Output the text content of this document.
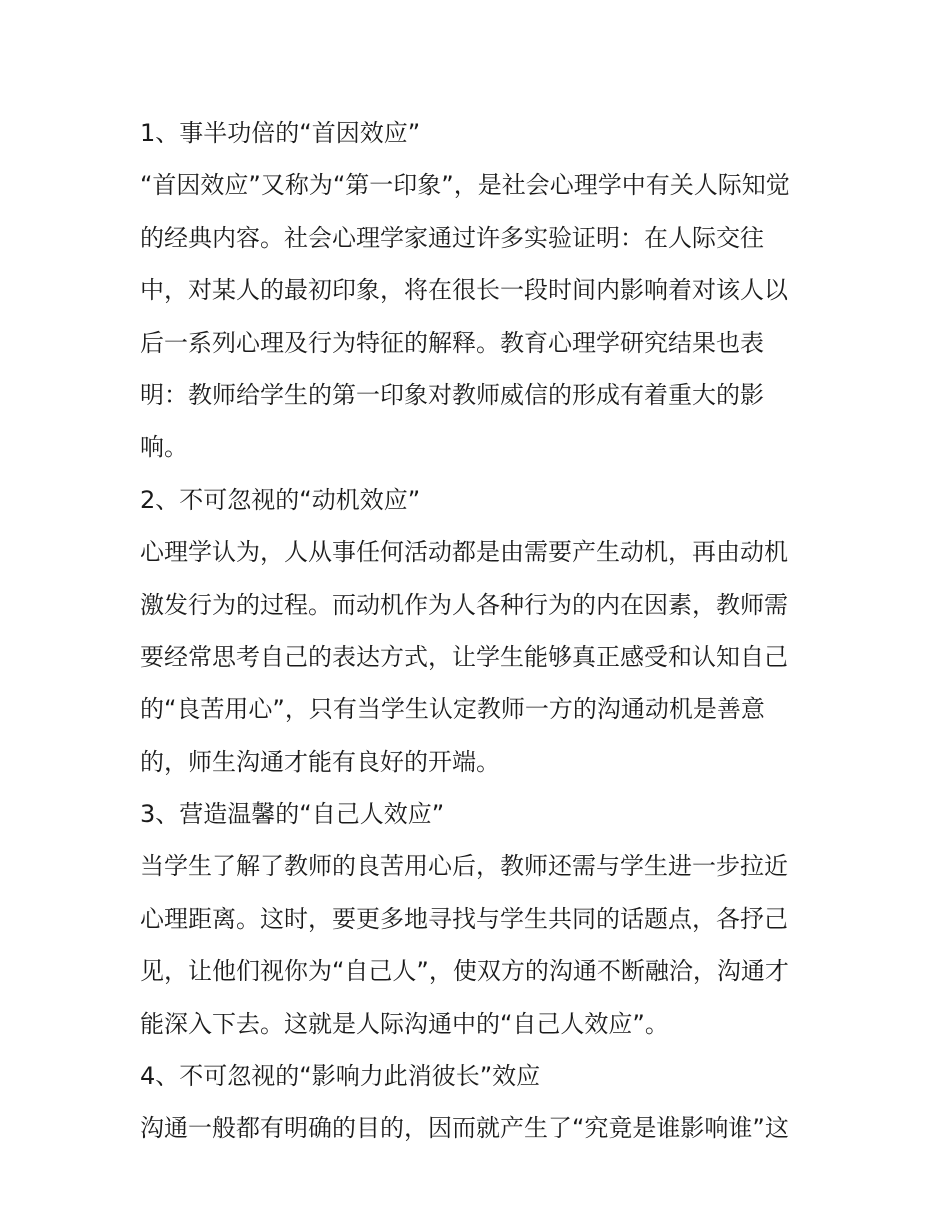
1、事半功倍的“首因效应”
“首因效应”又称为“第一印象”，是社会心理学中有关人际知觉
的经典内容。社会心理学家通过许多实验证明：在人际交往
中，对某人的最初印象，将在很长一段时间内影响着对该人以
后一系列心理及行为特征的解释。教育心理学研究结果也表
明：教师给学生的第一印象对教师威信的形成有着重大的影
响。
2、不可忽视的“动机效应”
心理学认为，人从事任何活动都是由需要产生动机，再由动机
激发行为的过程。而动机作为人各种行为的内在因素，教师需
要经常思考自己的表达方式，让学生能够真正感受和认知自己
的“良苦用心”，只有当学生认定教师一方的沟通动机是善意
的，师生沟通才能有良好的开端。
3、营造温馨的“自己人效应”
当学生了解了教师的良苦用心后，教师还需与学生进一步拉近
心理距离。这时，要更多地寻找与学生共同的话题点，各抒己
见，让他们视你为“自己人”，使双方的沟通不断融洽，沟通才
能深入下去。这就是人际沟通中的“自己人效应”。
4、不可忽视的“影响力此消彼长”效应
沟通一般都有明确的目的，因而就产生了“究竟是谁影响谁”这
